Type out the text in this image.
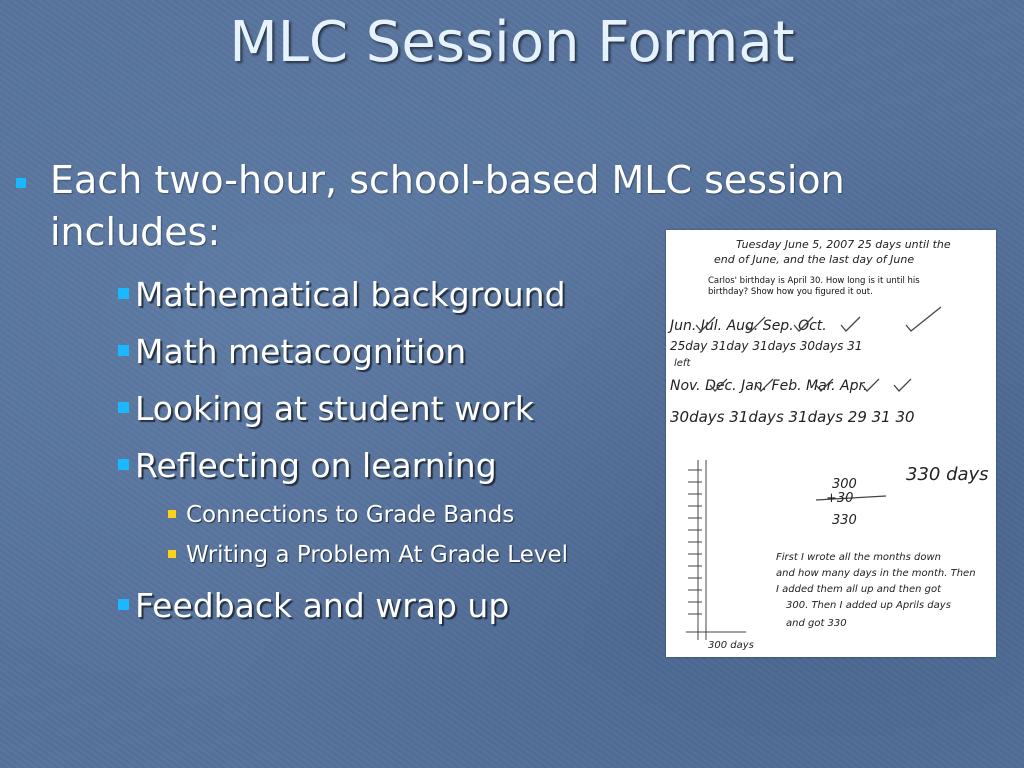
MLC Session Format
Each two-hour, school-based MLC session includes:
Mathematical background
Math metacognition
Looking at student work
Reflecting on learning
Connections to Grade Bands
Writing a Problem At Grade Level
Feedback and wrap up
Tuesday June 5, 2007 25 days until the
end of June, and the last day of June
Carlos' birthday is April 30. How long is it until his
birthday? Show how you figured it out.
Jun. Jul. Aug. Sep. Oct.
25day 31day 31days 30days 31
left
Nov. Dec. Jan. Feb. Mar. Apr.
30days 31days 31days 29 31 30
300
+30
330
330 days
First I wrote all the months down
and how many days in the month. Then
I added them all up and then got
300. Then I added up Aprils days
and got 330
300 days
